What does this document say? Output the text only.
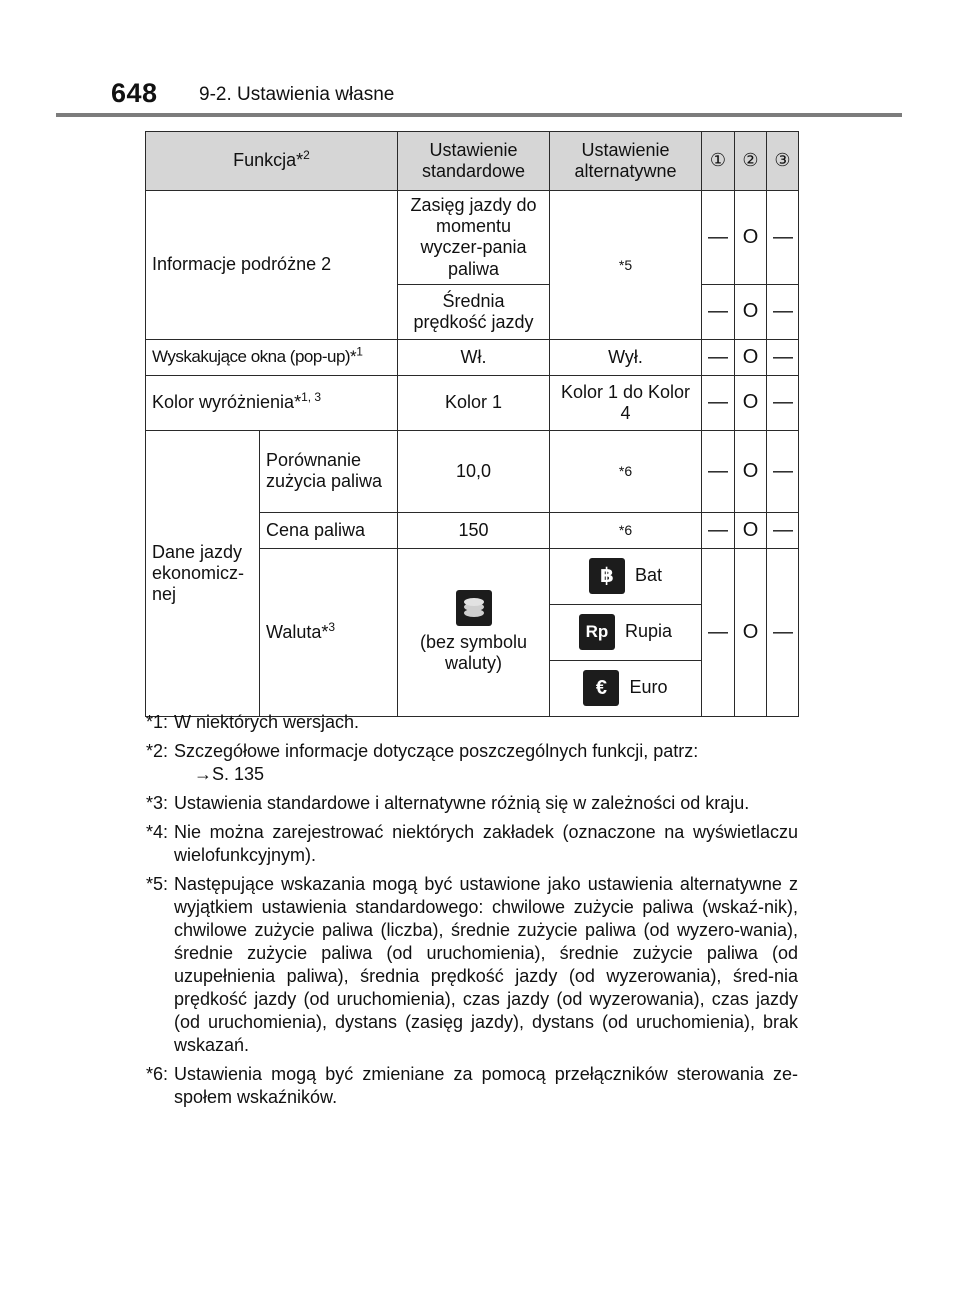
648 9-2. Ustawienia własne
Funkcja*$^2$		Ustawienie standardowe	Ustawienie alternatywne	①	②	③
Informacje podróżne 2		Zasięg jazdy do momentu wyczer-pania paliwa	*5	—	O	—
		Średnia prędkość jazdy		—	O	—
Wyskakujące okna (pop-up)*$^1$		Wł.	Wył.	—	O	—
Kolor wyróżnienia*$^{1, 3}$		Kolor 1	Kolor 1 do Kolor 4	—	O	—
Dane jazdy ekonomicz-nej	Porównanie zużycia paliwa	10,0	*6	—	O	—
	Cena paliwa	150	*6	—	O	—
	Waluta*$^3$	(bez symbolu waluty)	฿ Bat	—	O	—
			Rp Rupia			
			€ Euro			
*1: W niektórych wersjach.
*2: Szczegółowe informacje dotyczące poszczególnych funkcji, patrz:
→S. 135
*3: Ustawienia standardowe i alternatywne różnią się w zależności od kraju.
*4: Nie można zarejestrować niektórych zakładek (oznaczone na wyświetlaczu wielofunkcyjnym).
*5: Następujące wskazania mogą być ustawione jako ustawienia alternatywne z wyjątkiem ustawienia standardowego: chwilowe zużycie paliwa (wskaź-nik), chwilowe zużycie paliwa (liczba), średnie zużycie paliwa (od wyzero-wania), średnie zużycie paliwa (od uruchomienia), średnie zużycie paliwa (od uzupełnienia paliwa), średnia prędkość jazdy (od wyzerowania), śred-nia prędkość jazdy (od uruchomienia), czas jazdy (od wyzerowania), czas jazdy (od uruchomienia), dystans (zasięg jazdy), dystans (od uruchomienia), brak wskazań.
*6: Ustawienia mogą być zmieniane za pomocą przełączników sterowania ze-społem wskaźników.
